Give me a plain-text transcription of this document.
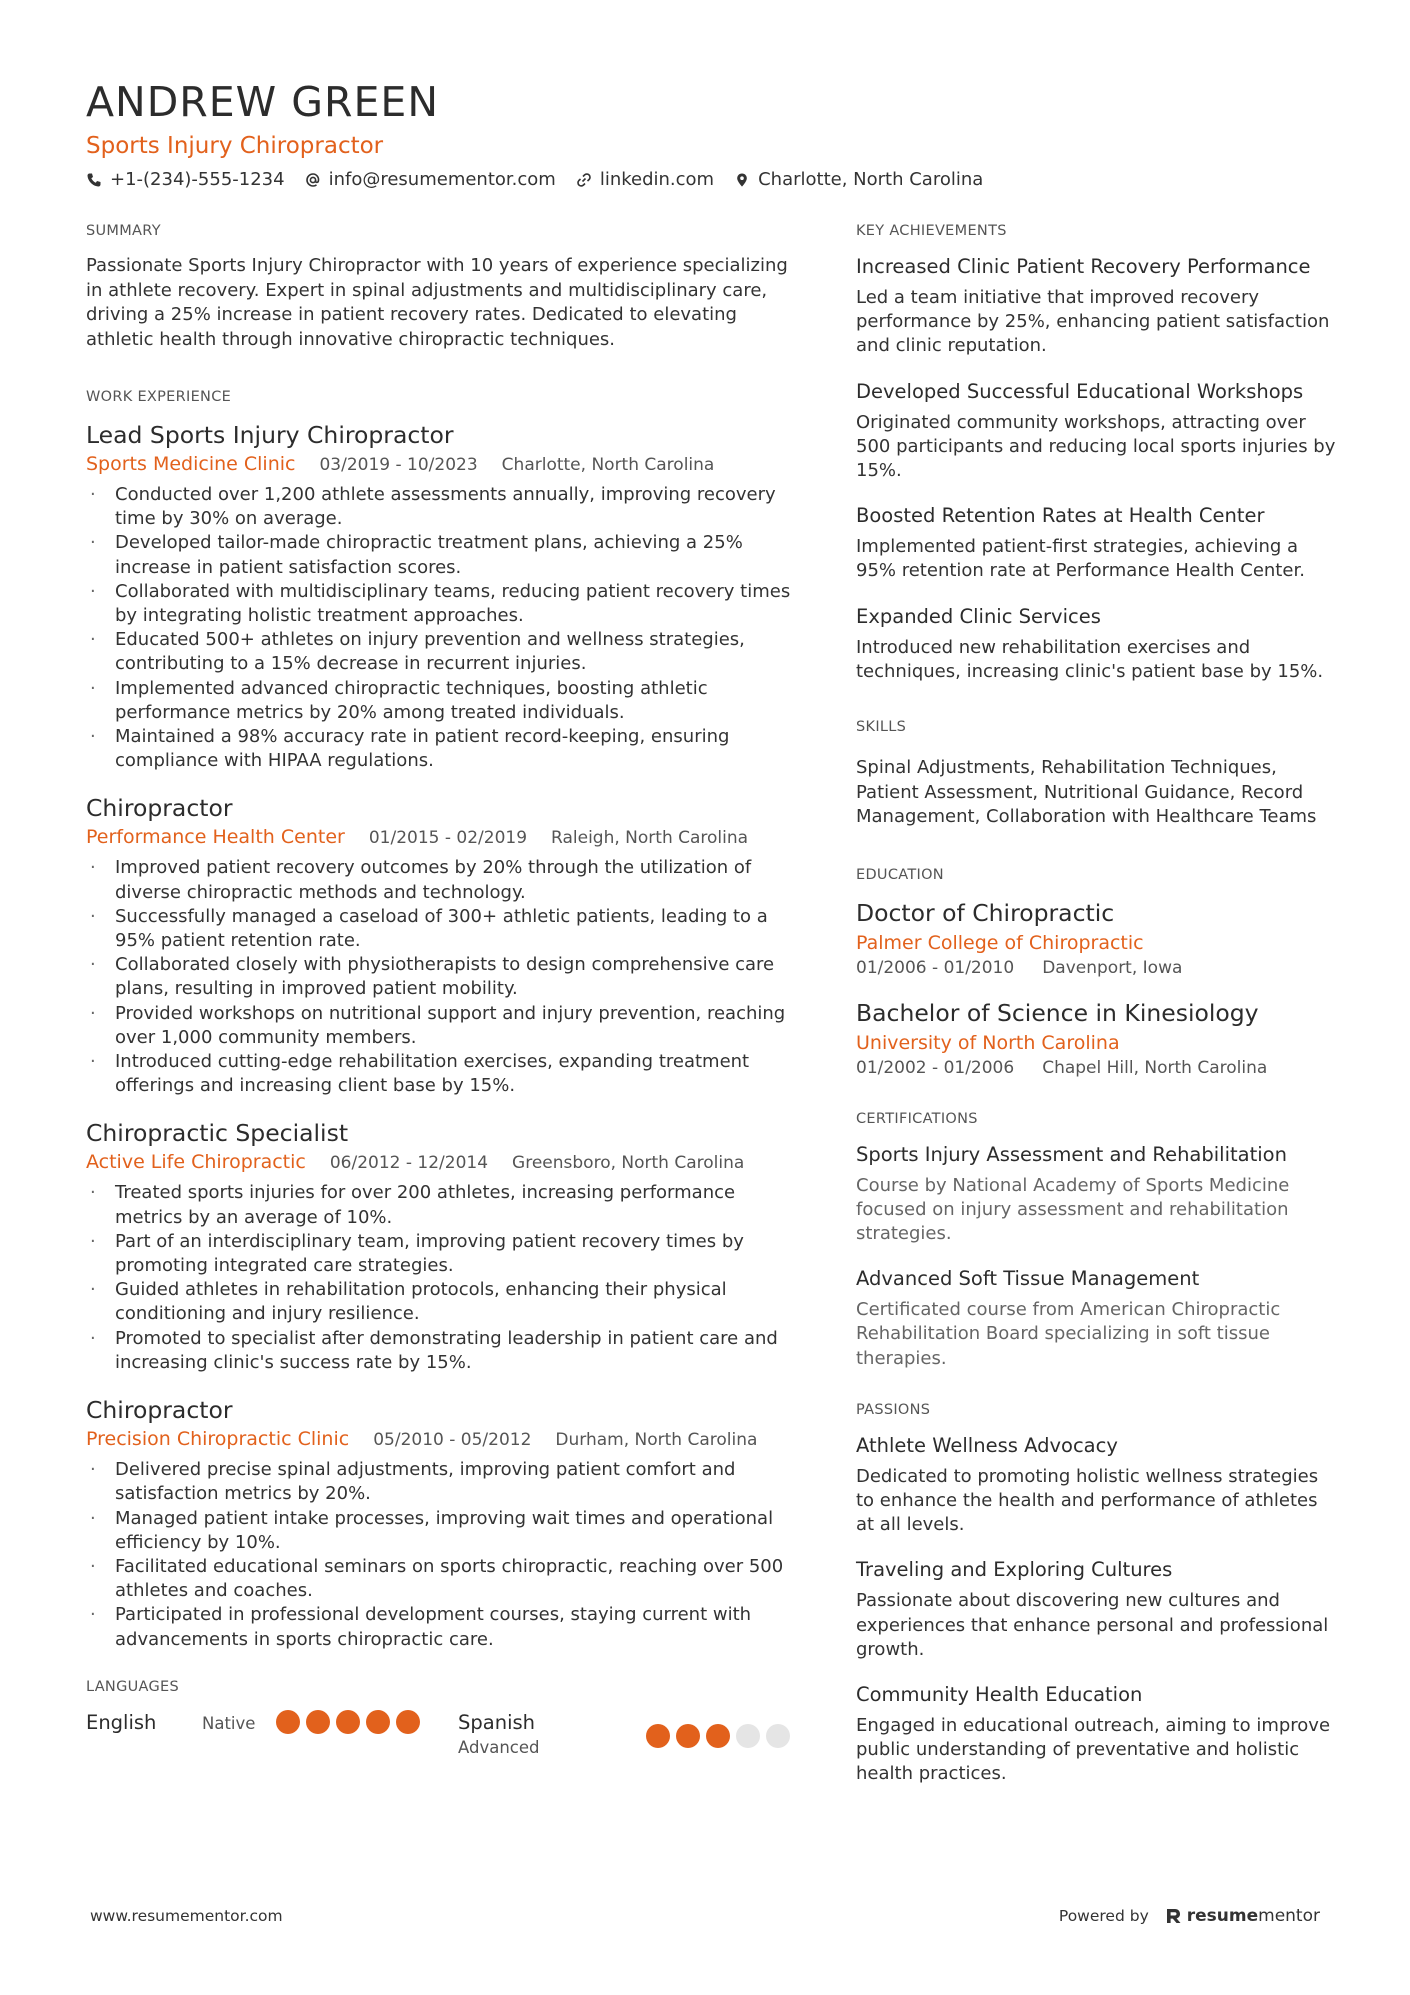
ANDREW GREEN
Sports Injury Chiropractor
+1-(234)-555-1234 info@resumementor.com linkedin.com Charlotte, North Carolina
SUMMARY
Passionate Sports Injury Chiropractor with 10 years of experience specializing in athlete recovery. Expert in spinal adjustments and multidisciplinary care, driving a 25% increase in patient recovery rates. Dedicated to elevating athletic health through innovative chiropractic techniques.
WORK EXPERIENCE
Lead Sports Injury Chiropractor
Sports Medicine Clinic 03/2019 - 10/2023 Charlotte, North Carolina
· Conducted over 1,200 athlete assessments annually, improving recovery time by 30% on average.
· Developed tailor-made chiropractic treatment plans, achieving a 25% increase in patient satisfaction scores.
· Collaborated with multidisciplinary teams, reducing patient recovery times by integrating holistic treatment approaches.
· Educated 500+ athletes on injury prevention and wellness strategies, contributing to a 15% decrease in recurrent injuries.
· Implemented advanced chiropractic techniques, boosting athletic performance metrics by 20% among treated individuals.
· Maintained a 98% accuracy rate in patient record-keeping, ensuring compliance with HIPAA regulations.
Chiropractor
Performance Health Center 01/2015 - 02/2019 Raleigh, North Carolina
· Improved patient recovery outcomes by 20% through the utilization of diverse chiropractic methods and technology.
· Successfully managed a caseload of 300+ athletic patients, leading to a 95% patient retention rate.
· Collaborated closely with physiotherapists to design comprehensive care plans, resulting in improved patient mobility.
· Provided workshops on nutritional support and injury prevention, reaching over 1,000 community members.
· Introduced cutting-edge rehabilitation exercises, expanding treatment offerings and increasing client base by 15%.
Chiropractic Specialist
Active Life Chiropractic 06/2012 - 12/2014 Greensboro, North Carolina
· Treated sports injuries for over 200 athletes, increasing performance metrics by an average of 10%.
· Part of an interdisciplinary team, improving patient recovery times by promoting integrated care strategies.
· Guided athletes in rehabilitation protocols, enhancing their physical conditioning and injury resilience.
· Promoted to specialist after demonstrating leadership in patient care and increasing clinic's success rate by 15%.
Chiropractor
Precision Chiropractic Clinic 05/2010 - 05/2012 Durham, North Carolina
· Delivered precise spinal adjustments, improving patient comfort and satisfaction metrics by 20%.
· Managed patient intake processes, improving wait times and operational efficiency by 10%.
· Facilitated educational seminars on sports chiropractic, reaching over 500 athletes and coaches.
· Participated in professional development courses, staying current with advancements in sports chiropractic care.
LANGUAGES
English	Native	Spanish
Advanced
KEY ACHIEVEMENTS
Increased Clinic Patient Recovery Performance
Led a team initiative that improved recovery performance by 25%, enhancing patient satisfaction and clinic reputation.
Developed Successful Educational Workshops
Originated community workshops, attracting over 500 participants and reducing local sports injuries by 15%.
Boosted Retention Rates at Health Center
Implemented patient-first strategies, achieving a 95% retention rate at Performance Health Center.
Expanded Clinic Services
Introduced new rehabilitation exercises and techniques, increasing clinic's patient base by 15%.
SKILLS
Spinal Adjustments, Rehabilitation Techniques, Patient Assessment, Nutritional Guidance, Record Management, Collaboration with Healthcare Teams
EDUCATION
Doctor of Chiropractic
Palmer College of Chiropractic
01/2006 - 01/2010 Davenport, Iowa
Bachelor of Science in Kinesiology
University of North Carolina
01/2002 - 01/2006 Chapel Hill, North Carolina
CERTIFICATIONS
Sports Injury Assessment and Rehabilitation
Course by National Academy of Sports Medicine focused on injury assessment and rehabilitation strategies.
Advanced Soft Tissue Management
Certificated course from American Chiropractic Rehabilitation Board specializing in soft tissue therapies.
PASSIONS
Athlete Wellness Advocacy
Dedicated to promoting holistic wellness strategies to enhance the health and performance of athletes at all levels.
Traveling and Exploring Cultures
Passionate about discovering new cultures and experiences that enhance personal and professional growth.
Community Health Education
Engaged in educational outreach, aiming to improve public understanding of preventative and holistic health practices.
www.resumementor.com	Powered by resumementor
